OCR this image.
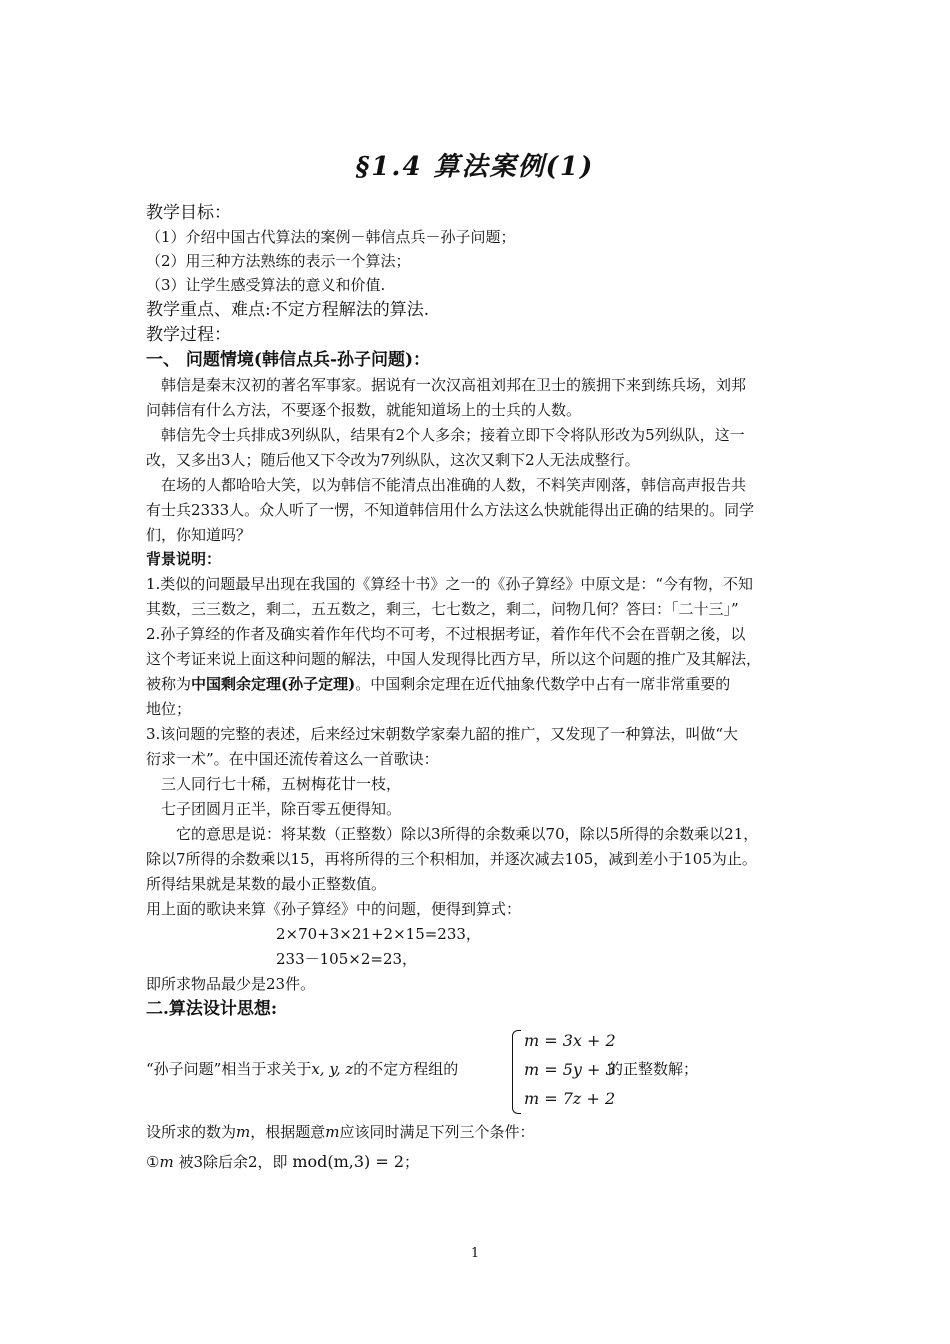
§1.4 算法案例(1)
教学目标：
（1）介绍中国古代算法的案例－韩信点兵－孙子问题；
（2）用三种方法熟练的表示一个算法；
（3）让学生感受算法的意义和价值.
教学重点、难点:不定方程解法的算法.
教学过程：
一、 问题情境(韩信点兵-孙子问题)：
　韩信是秦末汉初的著名军事家。据说有一次汉高祖刘邦在卫士的簇拥下来到练兵场，刘邦
问韩信有什么方法，不要逐个报数，就能知道场上的士兵的人数。
　韩信先令士兵排成3列纵队，结果有2个人多余；接着立即下令将队形改为5列纵队，这一
改，又多出3人；随后他又下令改为7列纵队，这次又剩下2人无法成整行。
　在场的人都哈哈大笑，以为韩信不能清点出准确的人数，不料笑声刚落，韩信高声报告共
有士兵2333人。众人听了一愣，不知道韩信用什么方法这么快就能得出正确的结果的。同学
们，你知道吗？
背景说明：
1.类似的问题最早出现在我国的《算经十书》之一的《孙子算经》中原文是：“今有物，不知
其数，三三数之，剩二，五五数之，剩三，七七数之，剩二，问物几何？答曰：「二十三」”
2.孙子算经的作者及确实着作年代均不可考，不过根据考证，着作年代不会在晋朝之後，以
这个考证来说上面这种问题的解法，中国人发现得比西方早，所以这个问题的推广及其解法，
被称为中国剩余定理(孙子定理)。中国剩余定理在近代抽象代数学中占有一席非常重要的
地位；
3.该问题的完整的表述，后来经过宋朝数学家秦九韶的推广，又发现了一种算法，叫做“大
衍求一术”。在中国还流传着这么一首歌诀：
　三人同行七十稀，五树梅花廿一枝，
　七子团圆月正半，除百零五便得知。
　　它的意思是说：将某数（正整数）除以3所得的余数乘以70，除以5所得的余数乘以21，
除以7所得的余数乘以15，再将所得的三个积相加，并逐次减去105，减到差小于105为止。
所得结果就是某数的最小正整数值。
用上面的歌诀来算《孙子算经》中的问题，便得到算式：
2×70+3×21+2×15=233，
233－105×2=23，
即所求物品最少是23件。
二.算法设计思想:
“孙子问题”相当于求关于x, y, z的不定方程组的
m = 3x + 2
m = 5y + 3
m = 7z + 2
的正整数解；
设所求的数为m，根据题意m应该同时满足下列三个条件：
①m 被3除后余2，即 mod(m,3) = 2；
1
